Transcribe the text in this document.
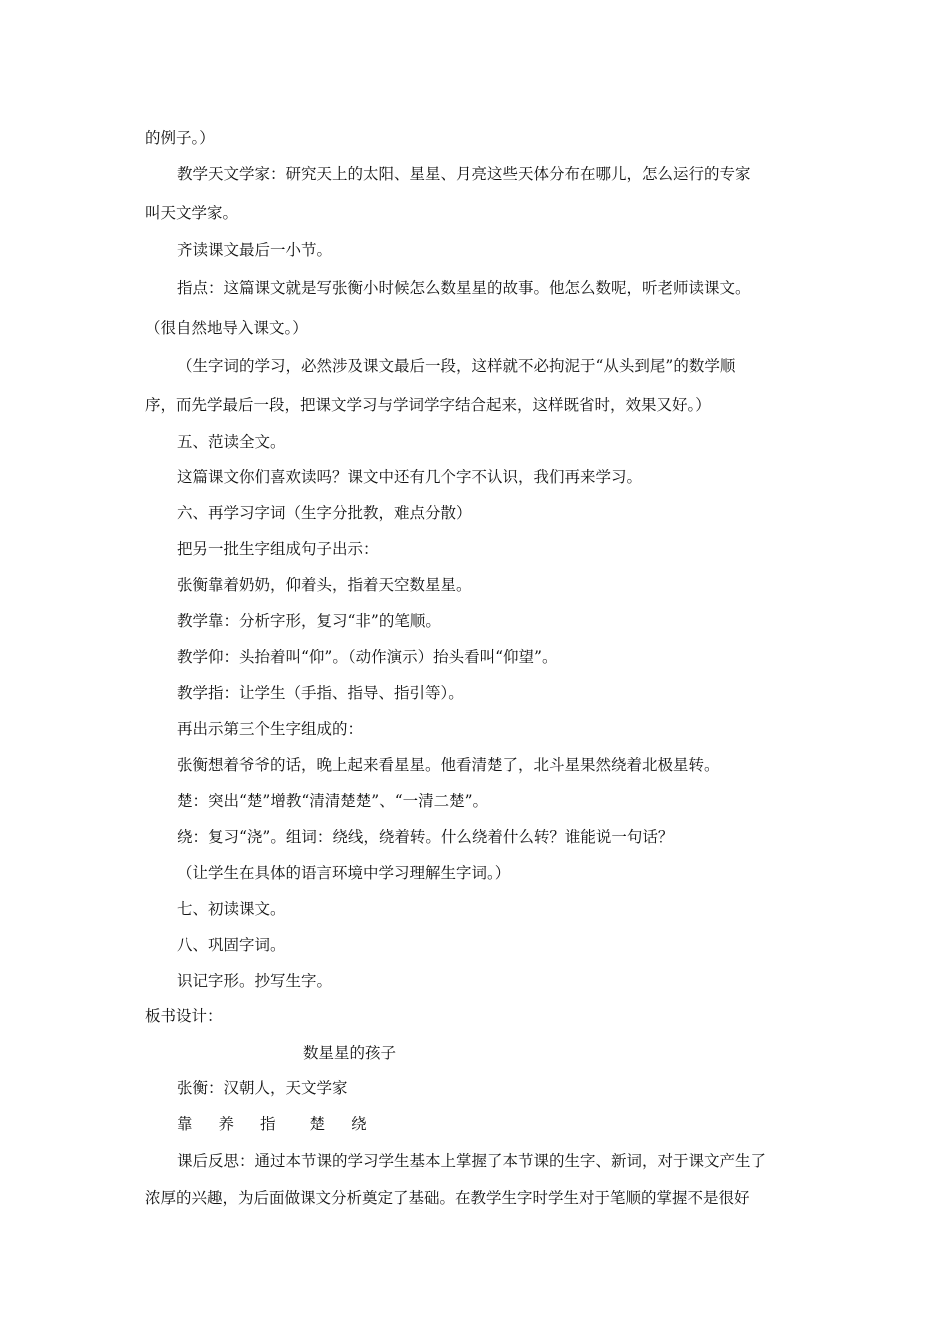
的例子。）

教学天文学家：研究天上的太阳、星星、月亮这些天体分布在哪儿，怎么运行的专家

叫天文学家。

齐读课文最后一小节。

指点：这篇课文就是写张衡小时候怎么数星星的故事。他怎么数呢，听老师读课文。

（很自然地导入课文。）

（生字词的学习，必然涉及课文最后一段，这样就不必拘泥于“从头到尾”的数学顺

序，而先学最后一段，把课文学习与学词学字结合起来，这样既省时，效果又好。）

五、范读全文。

这篇课文你们喜欢读吗？课文中还有几个字不认识，我们再来学习。

六、再学习字词（生字分批教，难点分散）

把另一批生字组成句子出示：

张衡靠着奶奶，仰着头，指着天空数星星。

教学靠：分析字形，复习“非”的笔顺。

教学仰：头抬着叫“仰”。（动作演示）抬头看叫“仰望”。

教学指：让学生（手指、指导、指引等）。

再出示第三个生字组成的：

张衡想着爷爷的话，晚上起来看星星。他看清楚了，北斗星果然绕着北极星转。

楚：突出“楚”增教“清清楚楚”、“一清二楚”。

绕：复习“浇”。组词：绕线，绕着转。什么绕着什么转？谁能说一句话？

（让学生在具体的语言环境中学习理解生字词。）

七、初读课文。

八、巩固字词。

识记字形。抄写生字。

板书设计：

数星星的孩子

张衡：汉朝人，天文学家

靠 养 指 楚 绕

课后反思：通过本节课的学习学生基本上掌握了本节课的生字、新词，对于课文产生了

浓厚的兴趣，为后面做课文分析奠定了基础。在教学生字时学生对于笔顺的掌握不是很好
